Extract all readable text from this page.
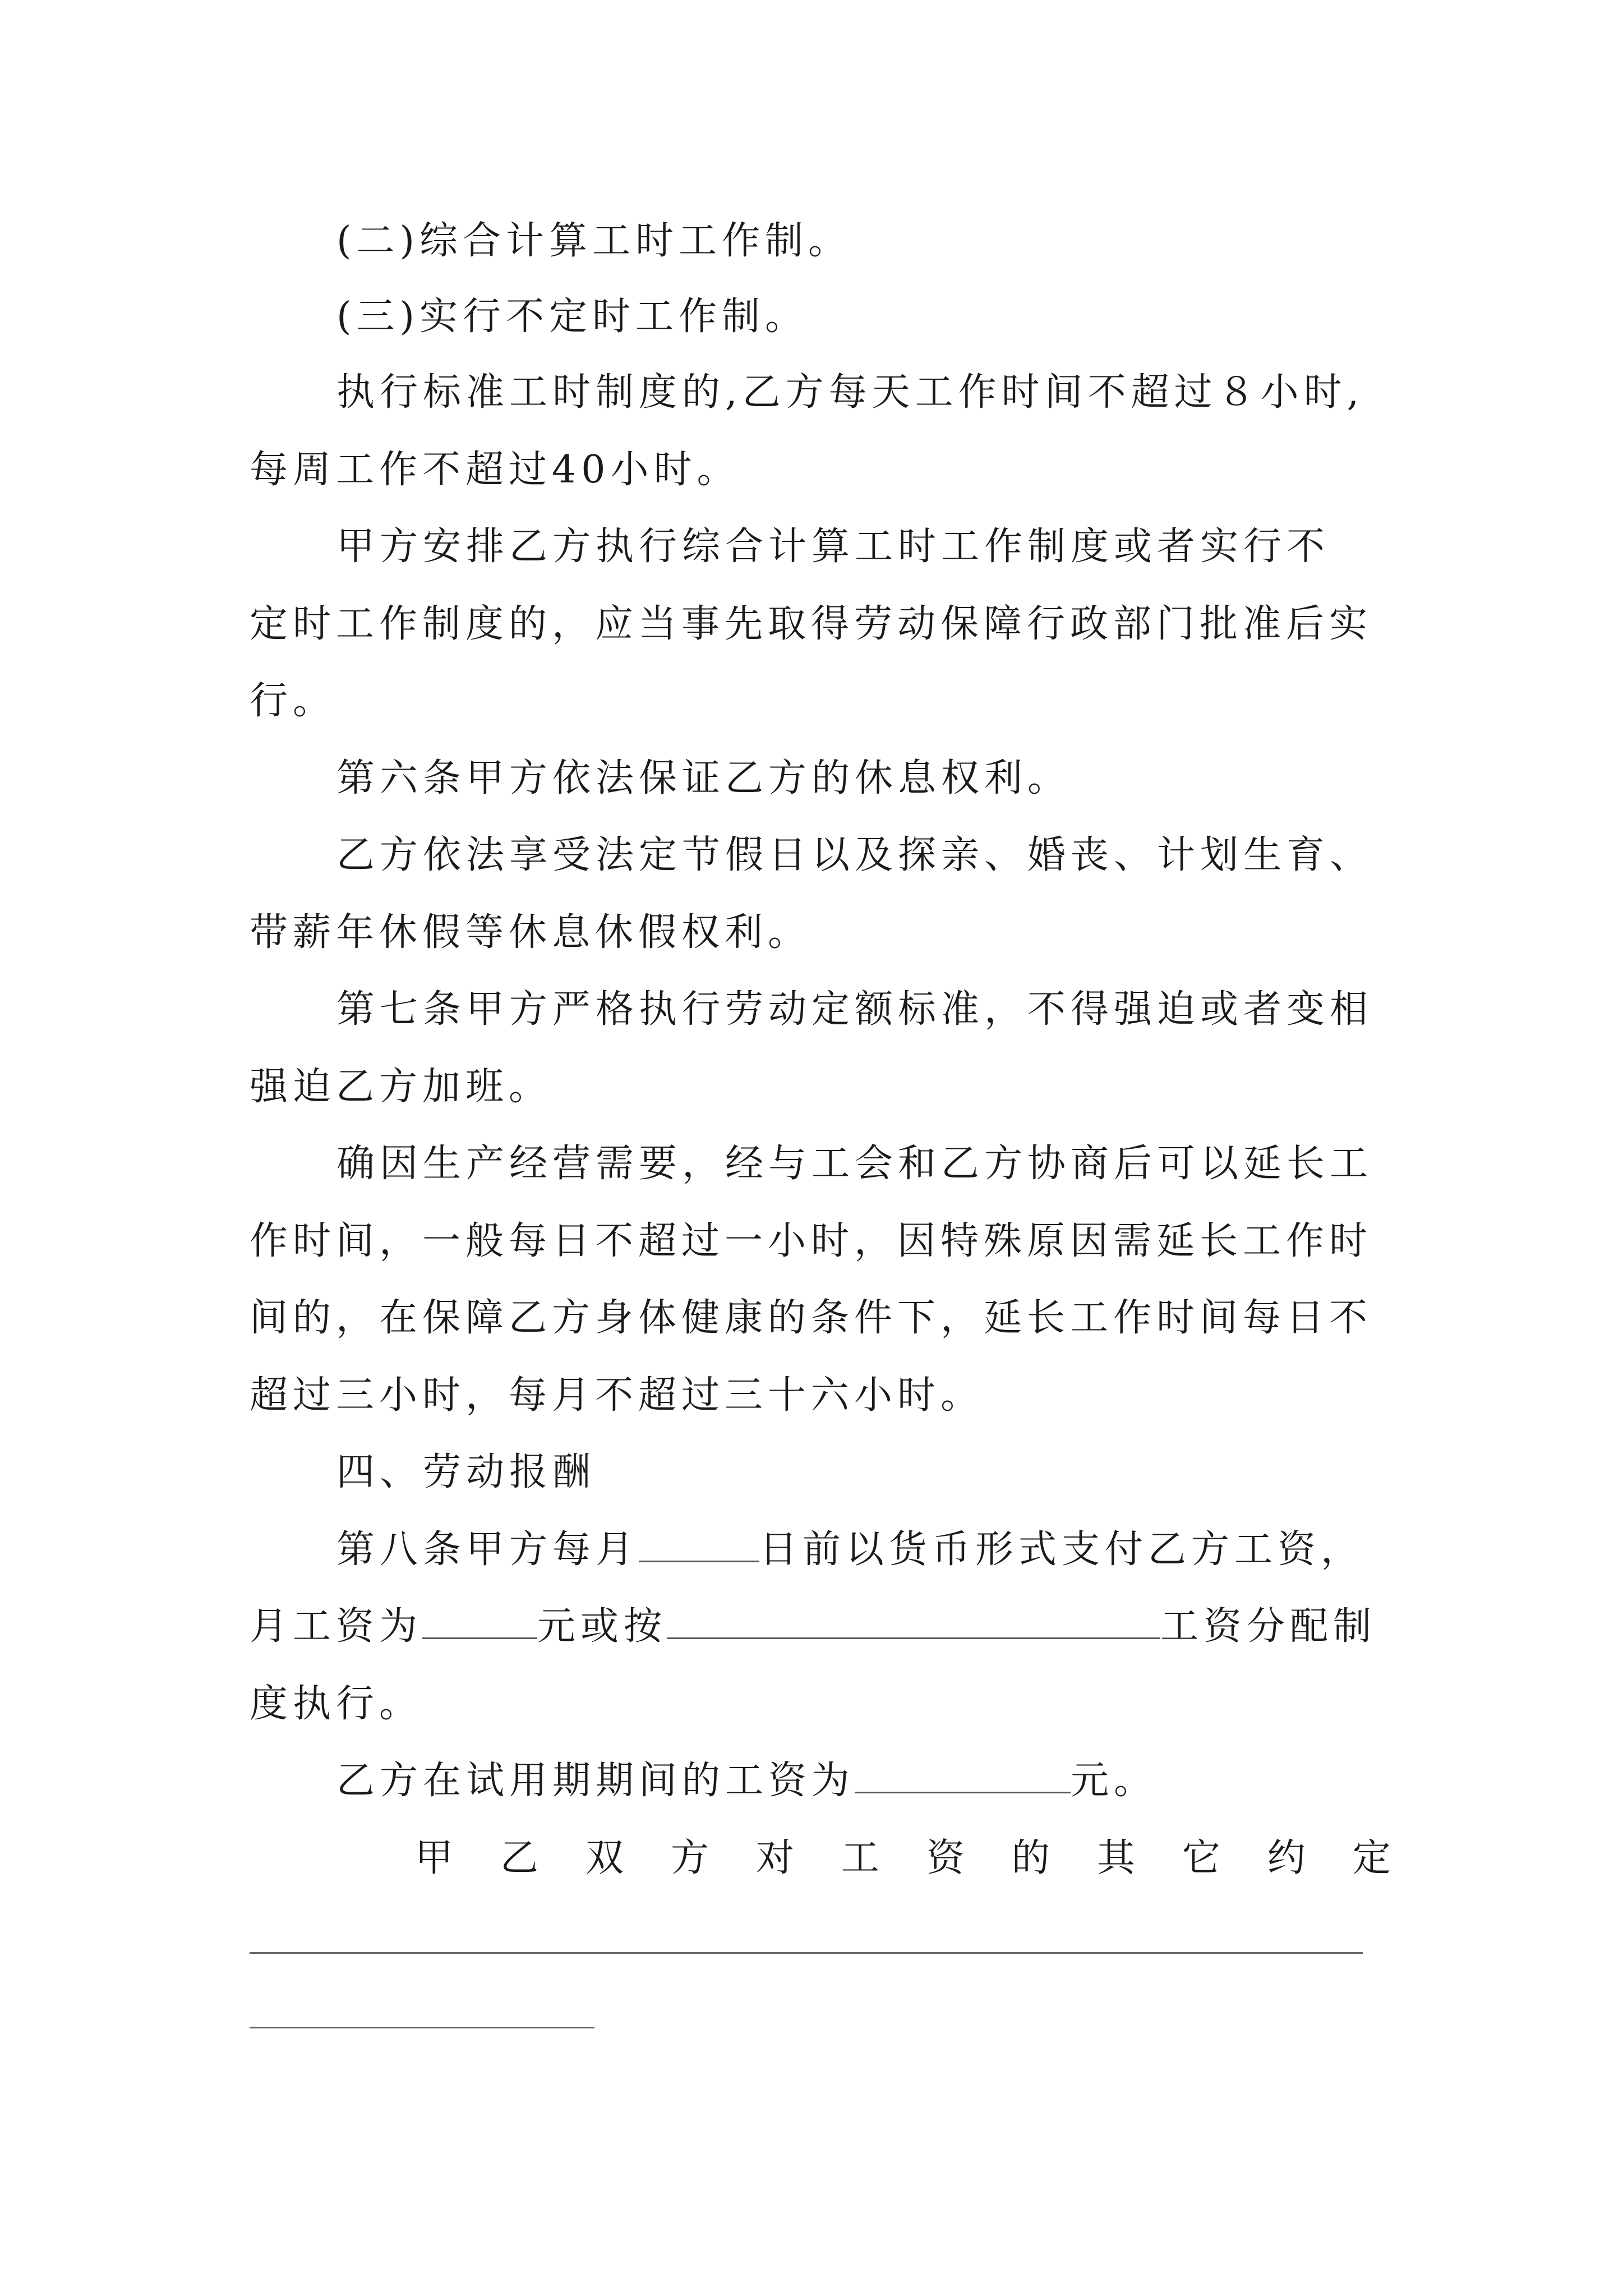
(二)综合计算工时工作制。
(三)实行不定时工作制。
执行标准工时制度的,乙方每天工作时间不超过８小时,
每周工作不超过40小时。
甲方安排乙方执行综合计算工时工作制度或者实行不
定时工作制度的，应当事先取得劳动保障行政部门批准后实
行。
第六条甲方依法保证乙方的休息权利。
乙方依法享受法定节假日以及探亲、婚丧、计划生育、
带薪年休假等休息休假权利。
第七条甲方严格执行劳动定额标准，不得强迫或者变相
强迫乙方加班。
确因生产经营需要，经与工会和乙方协商后可以延长工
作时间，一般每日不超过一小时，因特殊原因需延长工作时
间的，在保障乙方身体健康的条件下，延长工作时间每日不
超过三小时，每月不超过三十六小时。
四、劳动报酬
第八条甲方每月	日前以货币形式支付乙方工资，
月工资为	元或按	工资分配制
度执行。
乙方在试用期期间的工资为	元。
甲 乙 双 方 对 工 资 的 其 它 约 定
